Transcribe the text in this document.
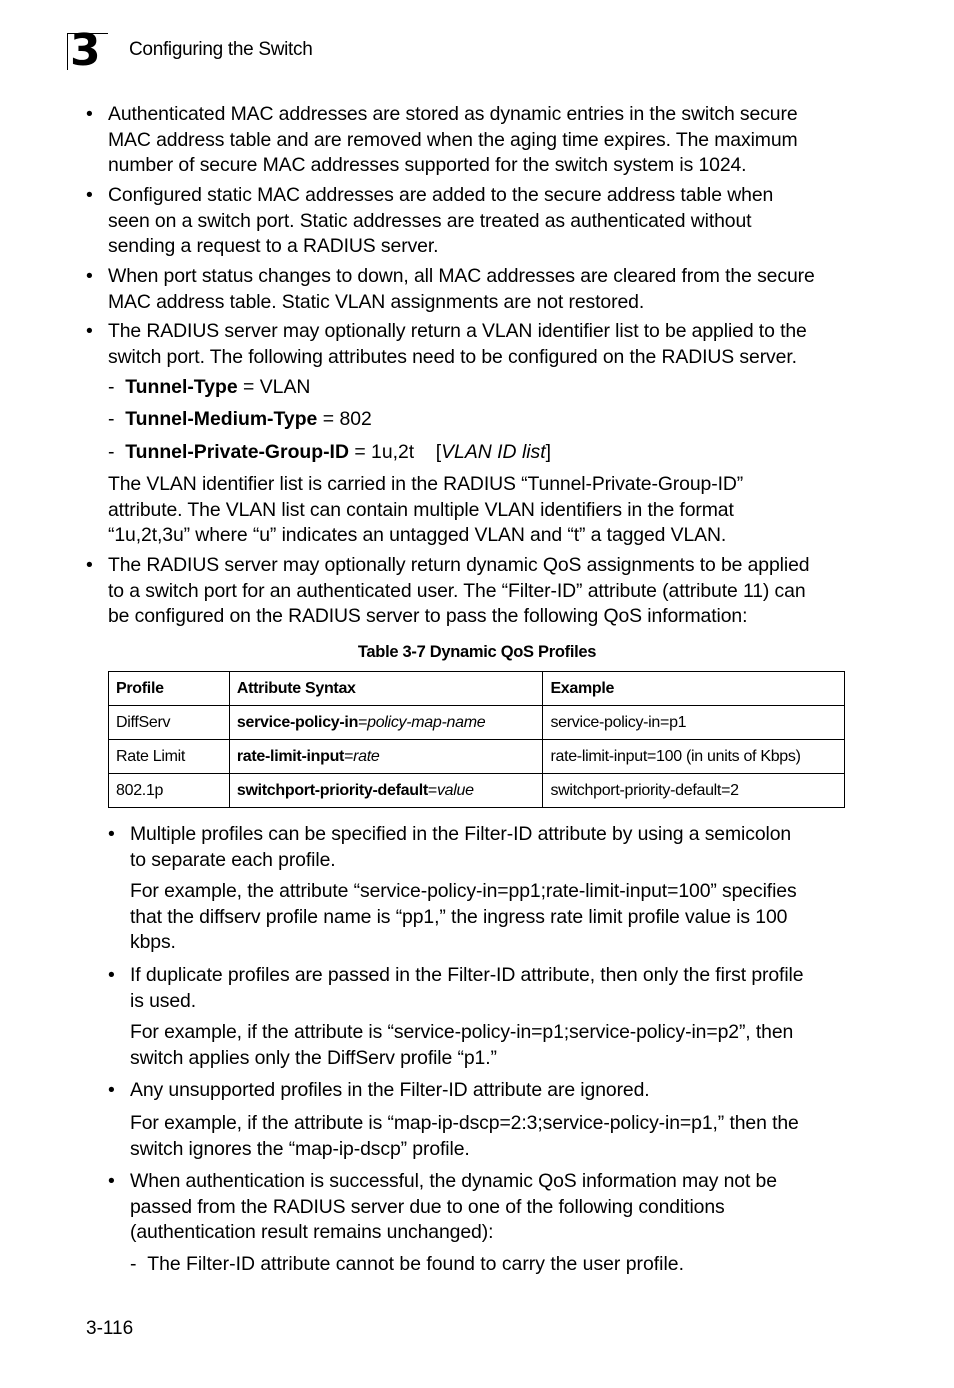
3 Configuring the Switch
• Authenticated MAC addresses are stored as dynamic entries in the switch secure
MAC address table and are removed when the aging time expires. The maximum
number of secure MAC addresses supported for the switch system is 1024.
• Configured static MAC addresses are added to the secure address table when
seen on a switch port. Static addresses are treated as authenticated without
sending a request to a RADIUS server.
• When port status changes to down, all MAC addresses are cleared from the secure
MAC address table. Static VLAN assignments are not restored.
• The RADIUS server may optionally return a VLAN identifier list to be applied to the
switch port. The following attributes need to be configured on the RADIUS server.
-  Tunnel-Type = VLAN
-  Tunnel-Medium-Type = 802
-  Tunnel-Private-Group-ID = 1u,2t    [VLAN ID list]
The VLAN identifier list is carried in the RADIUS “Tunnel-Private-Group-ID”
attribute. The VLAN list can contain multiple VLAN identifiers in the format
“1u,2t,3u” where “u” indicates an untagged VLAN and “t” a tagged VLAN.
• The RADIUS server may optionally return dynamic QoS assignments to be applied
to a switch port for an authenticated user. The “Filter-ID” attribute (attribute 11) can
be configured on the RADIUS server to pass the following QoS information:
Table 3-7 Dynamic QoS Profiles
Profile	Attribute Syntax	Example
DiffServ	service-policy-in=policy-map-name	service-policy-in=p1
Rate Limit	rate-limit-input=rate	rate-limit-input=100 (in units of Kbps)
802.1p	switchport-priority-default=value	switchport-priority-default=2
• Multiple profiles can be specified in the Filter-ID attribute by using a semicolon
to separate each profile.
For example, the attribute “service-policy-in=pp1;rate-limit-input=100” specifies
that the diffserv profile name is “pp1,” the ingress rate limit profile value is 100
kbps.
• If duplicate profiles are passed in the Filter-ID attribute, then only the first profile
is used.
For example, if the attribute is “service-policy-in=p1;service-policy-in=p2”, then
switch applies only the DiffServ profile “p1.”
• Any unsupported profiles in the Filter-ID attribute are ignored.
For example, if the attribute is “map-ip-dscp=2:3;service-policy-in=p1,” then the
switch ignores the “map-ip-dscp” profile.
• When authentication is successful, the dynamic QoS information may not be
passed from the RADIUS server due to one of the following conditions
(authentication result remains unchanged):
-  The Filter-ID attribute cannot be found to carry the user profile.
3-116
